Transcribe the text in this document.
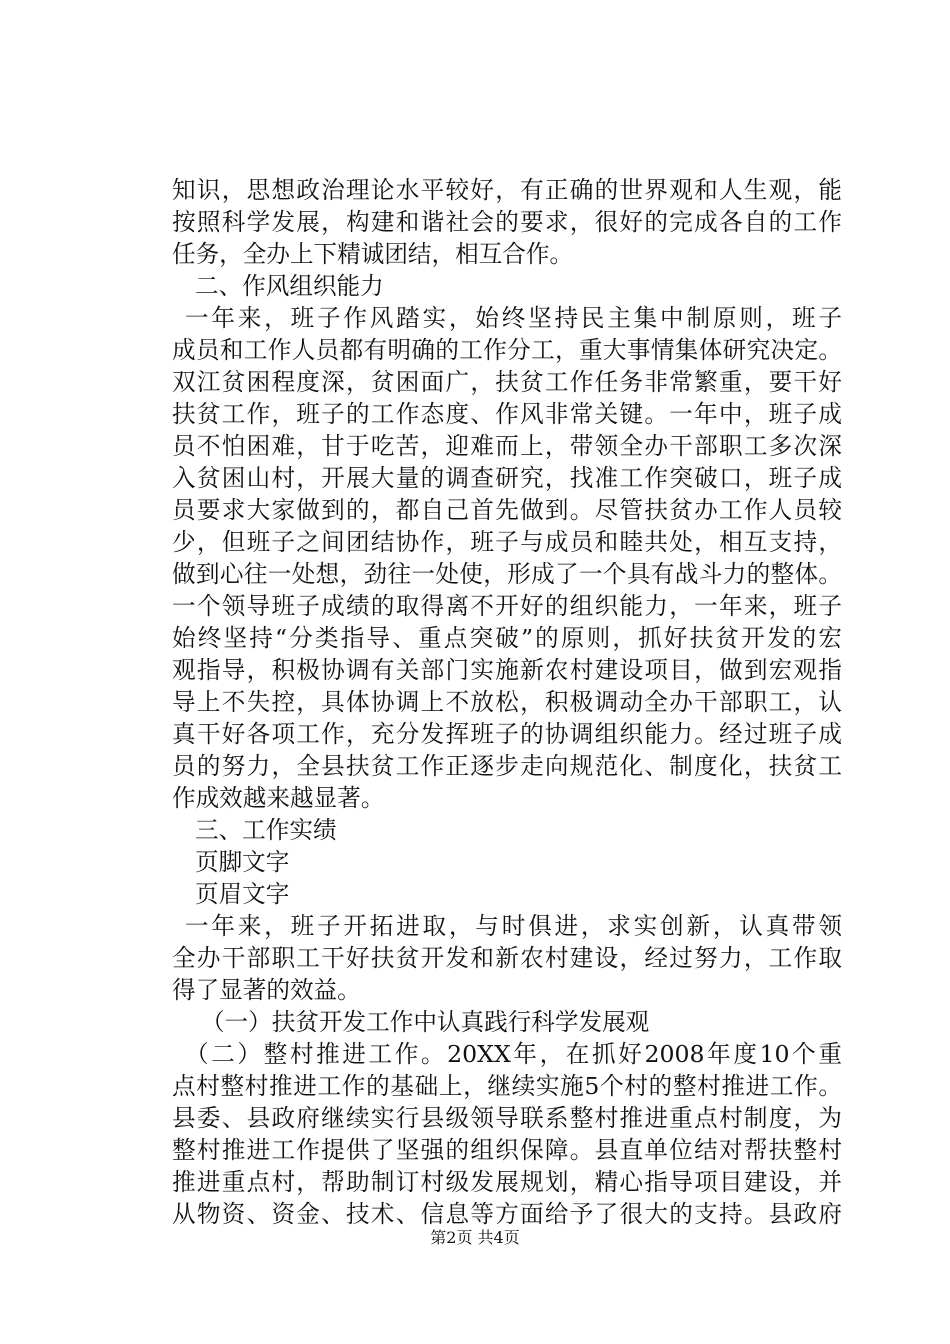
知识，思想政治理论水平较好，有正确的世界观和人生观，能
按照科学发展，构建和谐社会的要求，很好的完成各自的工作
任务，全办上下精诚团结，相互合作。
二、作风组织能力
一年来，班子作风踏实，始终坚持民主集中制原则，班子
成员和工作人员都有明确的工作分工，重大事情集体研究决定。
双江贫困程度深，贫困面广，扶贫工作任务非常繁重，要干好
扶贫工作，班子的工作态度、作风非常关键。一年中，班子成
员不怕困难，甘于吃苦，迎难而上，带领全办干部职工多次深
入贫困山村，开展大量的调查研究，找准工作突破口，班子成
员要求大家做到的，都自己首先做到。尽管扶贫办工作人员较
少，但班子之间团结协作，班子与成员和睦共处，相互支持，
做到心往一处想，劲往一处使，形成了一个具有战斗力的整体。
一个领导班子成绩的取得离不开好的组织能力，一年来，班子
始终坚持“分类指导、重点突破”的原则，抓好扶贫开发的宏
观指导，积极协调有关部门实施新农村建设项目，做到宏观指
导上不失控，具体协调上不放松，积极调动全办干部职工，认
真干好各项工作，充分发挥班子的协调组织能力。经过班子成
员的努力，全县扶贫工作正逐步走向规范化、制度化，扶贫工
作成效越来越显著。
三、工作实绩
页脚文字
页眉文字
一年来，班子开拓进取，与时俱进，求实创新，认真带领
全办干部职工干好扶贫开发和新农村建设，经过努力，工作取
得了显著的效益。
（一）扶贫开发工作中认真践行科学发展观
（二）整村推进工作。20XX年，在抓好2008年度10个重
点村整村推进工作的基础上，继续实施5个村的整村推进工作。
县委、县政府继续实行县级领导联系整村推进重点村制度，为
整村推进工作提供了坚强的组织保障。县直单位结对帮扶整村
推进重点村，帮助制订村级发展规划，精心指导项目建设，并
从物资、资金、技术、信息等方面给予了很大的支持。县政府
第2页 共4页
